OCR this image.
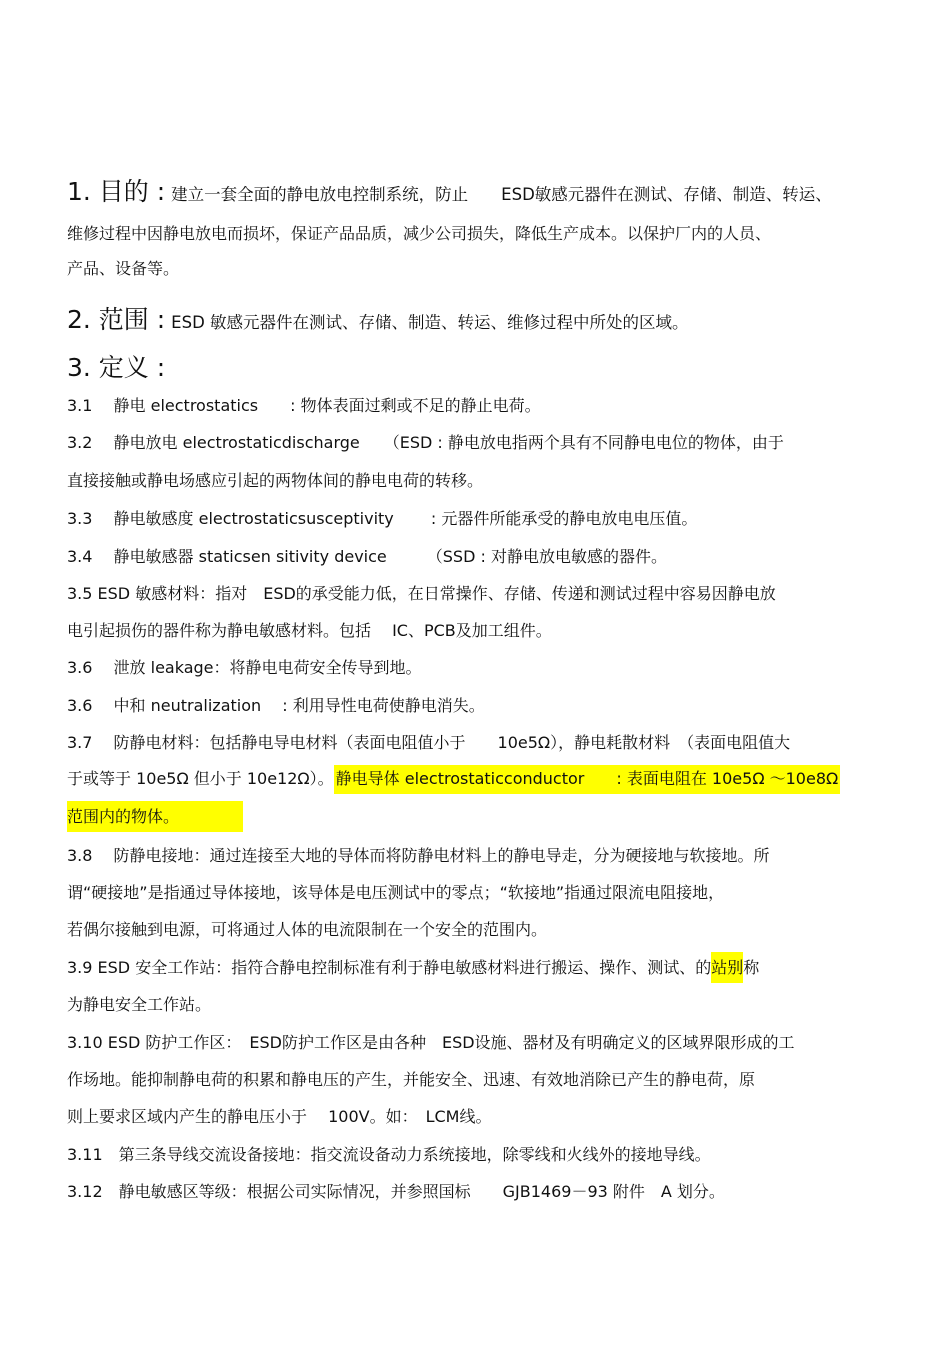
1. 目的 : 建立一套全面的静电放电控制系统，防止　　ESD敏感元器件在测试、存储、制造、转运、
维修过程中因静电放电而损坏，保证产品品质，减少公司损失，降低生产成本。以保护厂内的人员、
产品、设备等。
2. 范围 : ESD 敏感元器件在测试、存储、制造、转运、维修过程中所处的区域。
3. 定义 :
3.1　 静电 electrostatics　　: 物体表面过剩或不足的静止电荷。
3.2　 静电放电 electrostaticdischarge　　（ESD : 静电放电指两个具有不同静电电位的物体，由于
直接接触或静电场感应引起的两物体间的静电电荷的转移。
3.3　 静电敏感度 electrostaticsusceptivity　　 : 元器件所能承受的静电放电电压值。
3.4　 静电敏感器 staticsen sitivity device　　　（SSD : 对静电放电敏感的器件。
3.5 ESD 敏感材料：指对　ESD的承受能力低，在日常操作、存储、传递和测试过程中容易因静电放
电引起损伤的器件称为静电敏感材料。包括　 IC、PCB及加工组件。
3.6　 泄放 leakage：将静电电荷安全传导到地。
3.6　 中和 neutralization　 : 利用导性电荷使静电消失。
3.7　 防静电材料：包括静电导电材料（表面电阻值小于　　10e5Ω），静电耗散材料　（表面电阻值大
于或等于 10e5Ω 但小于 10e12Ω）。 静电导体 electrostaticconductor　　: 表面电阻在 10e5Ω ～10e8Ω
范围内的物体。
3.8　 防静电接地：通过连接至大地的导体而将防静电材料上的静电导走，分为硬接地与软接地。所
谓“硬接地”是指通过导体接地，该导体是电压测试中的零点；“软接地”指通过限流电阻接地，
若偶尔接触到电源，可将通过人体的电流限制在一个安全的范围内。
3.9 ESD 安全工作站：指符合静电控制标准有利于静电敏感材料进行搬运、操作、测试、的站别称
为静电安全工作站。
3.10 ESD 防护工作区：　ESD防护工作区是由各种　ESD设施、器材及有明确定义的区域界限形成的工
作场地。能抑制静电荷的积累和静电压的产生，并能安全、迅速、有效地消除已产生的静电荷，原
则上要求区域内产生的静电压小于　 100V。如：　LCM线。
3.11　第三条导线交流设备接地：指交流设备动力系统接地，除零线和火线外的接地导线。
3.12　静电敏感区等级：根据公司实际情况，并参照国标　　GJB1469－93 附件　A 划分。
